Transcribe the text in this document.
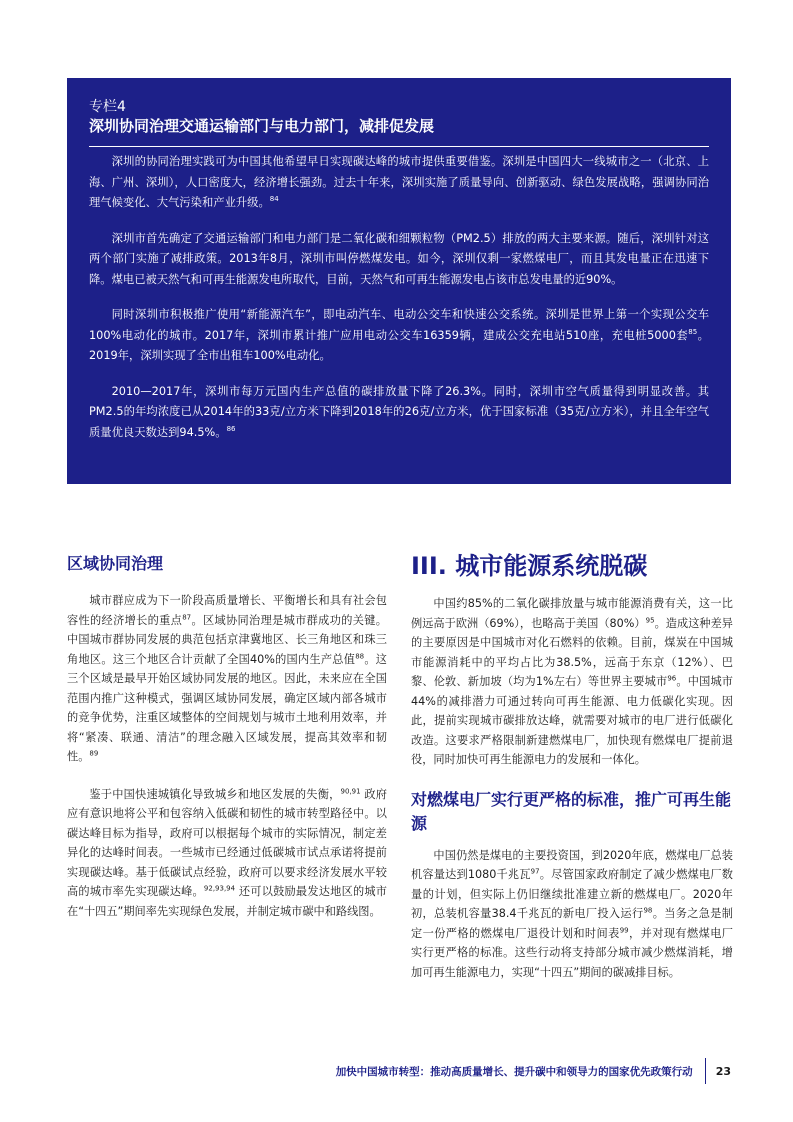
专栏4
深圳协同治理交通运输部门与电力部门，减排促发展

深圳的协同治理实践可为中国其他希望早日实现碳达峰的城市提供重要借鉴。深圳是中国四大一线城市之一（北京、上海、广州、深圳），人口密度大，经济增长强劲。过去十年来，深圳实施了质量导向、创新驱动、绿色发展战略，强调协同治理气候变化、大气污染和产业升级。$^{84}$

深圳市首先确定了交通运输部门和电力部门是二氧化碳和细颗粒物（PM2.5）排放的两大主要来源。随后，深圳针对这两个部门实施了减排政策。2013年8月，深圳市叫停燃煤发电。如今，深圳仅剩一家燃煤电厂，而且其发电量正在迅速下降。煤电已被天然气和可再生能源发电所取代，目前，天然气和可再生能源发电占该市总发电量的近90%。

同时深圳市积极推广使用“新能源汽车”，即电动汽车、电动公交车和快速公交系统。深圳是世界上第一个实现公交车100%电动化的城市。2017年，深圳市累计推广应用电动公交车16359辆，建成公交充电站510座，充电桩5000套$^{85}$。2019年，深圳实现了全市出租车100%电动化。

2010—2017年，深圳市每万元国内生产总值的碳排放量下降了26.3%。同时，深圳市空气质量得到明显改善。其PM2.5的年均浓度已从2014年的33克/立方米下降到2018年的26克/立方米，优于国家标准（35克/立方米），并且全年空气质量优良天数达到94.5%。$^{86}$

区域协同治理

城市群应成为下一阶段高质量增长、平衡增长和具有社会包容性的经济增长的重点$^{87}$。区域协同治理是城市群成功的关键。中国城市群协同发展的典范包括京津冀地区、长三角地区和珠三角地区。这三个地区合计贡献了全国40%的国内生产总值$^{88}$。这三个区域是最早开始区域协同发展的地区。因此，未来应在全国范围内推广这种模式，强调区域协同发展，确定区域内部各城市的竞争优势，注重区域整体的空间规划与城市土地利用效率，并将“紧凑、联通、清洁”的理念融入区域发展，提高其效率和韧性。$^{89}$

鉴于中国快速城镇化导致城乡和地区发展的失衡，$^{90,91}$ 政府应有意识地将公平和包容纳入低碳和韧性的城市转型路径中。以碳达峰目标为指导，政府可以根据每个城市的实际情况，制定差异化的达峰时间表。一些城市已经通过低碳城市试点承诺将提前实现碳达峰。基于低碳试点经验，政府可以要求经济发展水平较高的城市率先实现碳达峰。$^{92,93,94}$ 还可以鼓励最发达地区的城市在“十四五”期间率先实现绿色发展，并制定城市碳中和路线图。

III. 城市能源系统脱碳

中国约85%的二氧化碳排放量与城市能源消费有关，这一比例远高于欧洲（69%），也略高于美国$(80\%)^{95}$。造成这种差异的主要原因是中国城市对化石燃料的依赖。目前，煤炭在中国城市能源消耗中的平均占比为38.5%，远高于东京（12%）、巴黎、伦敦、新加坡（均为1%左右）等世界主要城市$^{96}$。中国城市44%的减排潜力可通过转向可再生能源、电力低碳化实现。因此，提前实现城市碳排放达峰，就需要对城市的电厂进行低碳化改造。这要求严格限制新建燃煤电厂，加快现有燃煤电厂提前退役，同时加快可再生能源电力的发展和一体化。

对燃煤电厂实行更严格的标准，推广可再生能源

中国仍然是煤电的主要投资国，到2020年底，燃煤电厂总装机容量达到1080千兆瓦$^{97}$。尽管国家政府制定了减少燃煤电厂数量的计划，但实际上仍旧继续批准建立新的燃煤电厂。2020年初，总装机容量38.4千兆瓦的新电厂投入运行$^{98}$。当务之急是制定一份严格的燃煤电厂退役计划和时间表$^{99}$，并对现有燃煤电厂实行更严格的标准。这些行动将支持部分城市减少燃煤消耗，增加可再生能源电力，实现“十四五”期间的碳减排目标。

加快中国城市转型：推动高质量增长、提升碳中和领导力的国家优先政策行动 23
